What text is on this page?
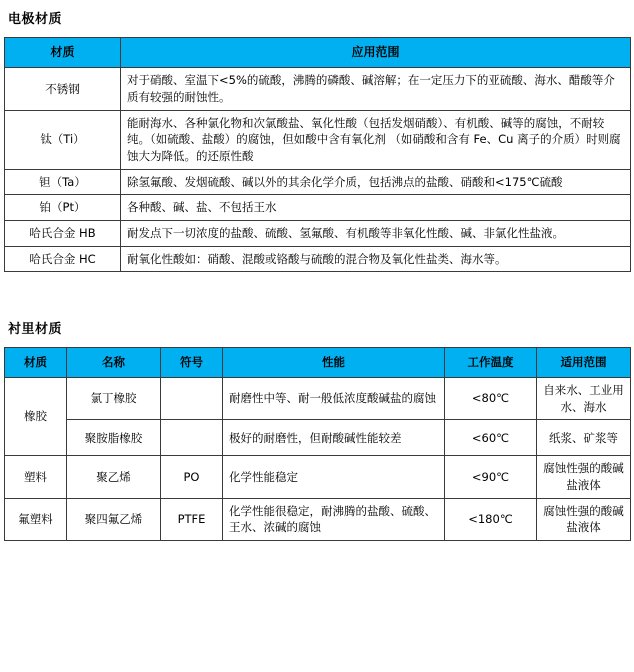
电极材质
材质	应用范围
不锈钢	对于硝酸、室温下<5%的硫酸，沸腾的磷酸、碱溶解；在一定压力下的亚硫酸、海水、醋酸等介质有较强的耐蚀性。
钛（Ti）	能耐海水、各种氯化物和次氯酸盐、氧化性酸（包括发烟硝酸）、有机酸、碱等的腐蚀，不耐较纯。（如硫酸、盐酸）的腐蚀，但如酸中含有氧化剂 （如硝酸和含有 Fe、Cu 离子的介质）时则腐蚀大为降低。的还原性酸
钽（Ta）	除氢氟酸、发烟硫酸、碱以外的其余化学介质，包括沸点的盐酸、硝酸和<175℃硫酸
铂（Pt）	各种酸、碱、盐、不包括王水
哈氏合金 HB	耐发点下一切浓度的盐酸、硫酸、氢氟酸、有机酸等非氧化性酸、碱、非氯化性盐液。
哈氏合金 HC	耐氧化性酸如：硝酸、混酸或铬酸与硫酸的混合物及氧化性盐类、海水等。
衬里材质
材质	名称	符号	性能	工作温度	适用范围
橡胶	氯丁橡胶		耐磨性中等、耐一般低浓度酸碱盐的腐蚀	<80℃	自来水、工业用水、海水
	聚胺脂橡胶		极好的耐磨性，但耐酸碱性能较差	<60℃	纸浆、矿浆等
塑料	聚乙烯	PO	化学性能稳定	<90℃	腐蚀性强的酸碱盐液体
氟塑料	聚四氟乙烯	PTFE	化学性能很稳定，耐沸腾的盐酸、硫酸、王水、浓碱的腐蚀	<180℃	腐蚀性强的酸碱盐液体
